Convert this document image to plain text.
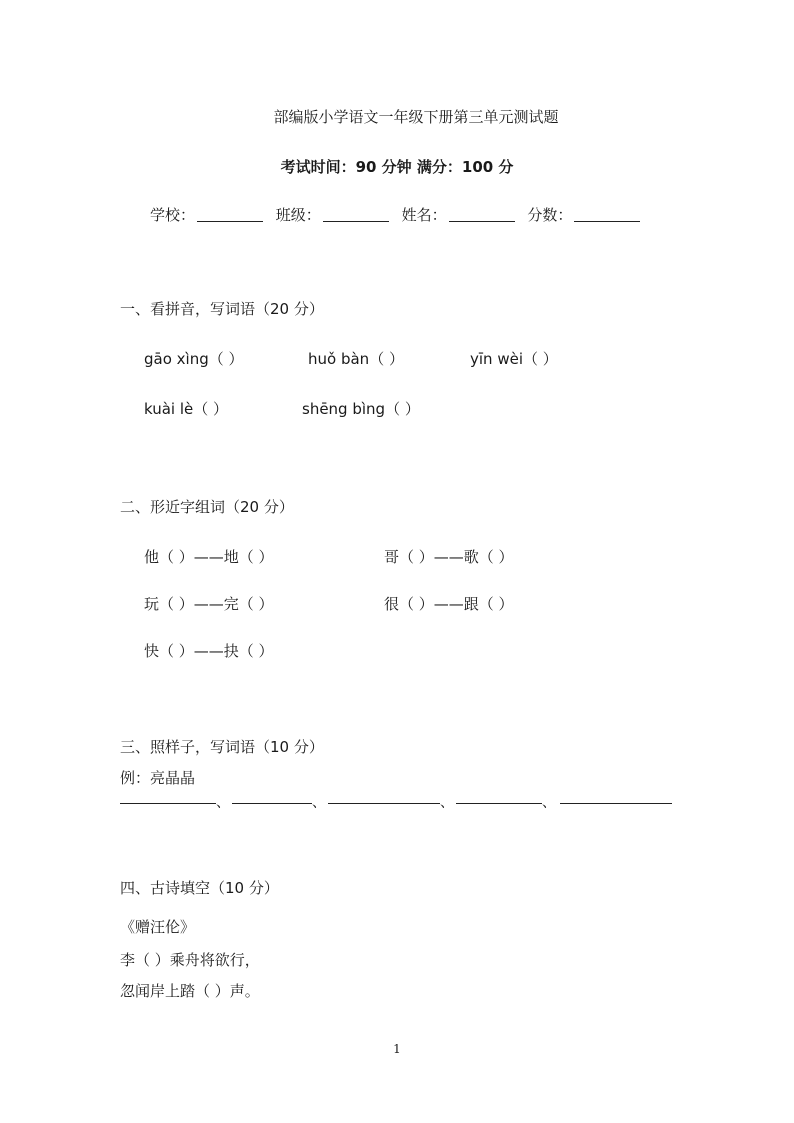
部编版小学语文一年级下册第三单元测试题
考试时间：90 分钟 满分：100 分
学校：	班级：	姓名：	分数：
一、看拼音，写词语（20 分）
gāo xìng（ ）	huǒ bàn（ ）	yīn wèi（ ）
kuài lè（ ）	shēng bìng（ ）
二、形近字组词（20 分）
他（ ）——地（ ）	哥（ ）——歌（ ）
玩（ ）——完（ ）	很（ ）——跟（ ）
快（ ）——抉（ ）
三、照样子，写词语（10 分）
例：亮晶晶
、	、	、	、
四、古诗填空（10 分）
《赠汪伦》
李（ ）乘舟将欲行，
忽闻岸上踏（ ）声。
1
